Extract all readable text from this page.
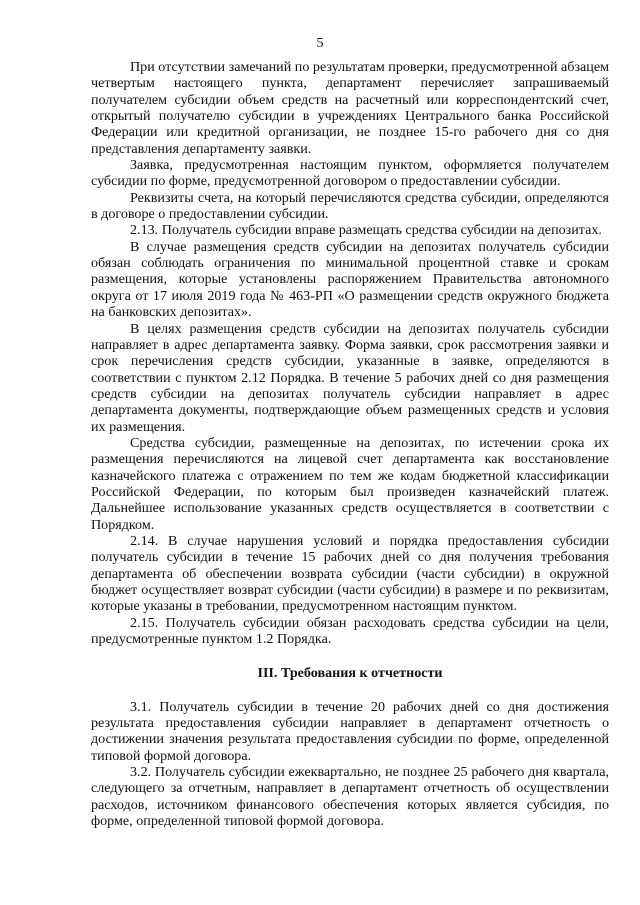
5

При отсутствии замечаний по результатам проверки, предусмотренной абзацем четвертым настоящего пункта, департамент перечисляет запрашиваемый получателем субсидии объем средств на расчетный или корреспондентский счет, открытый получателю субсидии в учреждениях Центрального банка Российской Федерации или кредитной организации, не позднее 15-го рабочего дня со дня представления департаменту заявки.

Заявка, предусмотренная настоящим пунктом, оформляется получателем субсидии по форме, предусмотренной договором о предоставлении субсидии.

Реквизиты счета, на который перечисляются средства субсидии, определяются в договоре о предоставлении субсидии.

2.13. Получатель субсидии вправе размещать средства субсидии на депозитах.

В случае размещения средств субсидии на депозитах получатель субсидии обязан соблюдать ограничения по минимальной процентной ставке и срокам размещения, которые установлены распоряжением Правительства автономного округа от 17 июля 2019 года № 463-РП «О размещении средств окружного бюджета на банковских депозитах».

В целях размещения средств субсидии на депозитах получатель субсидии направляет в адрес департамента заявку. Форма заявки, срок рассмотрения заявки и срок перечисления средств субсидии, указанные в заявке, определяются в соответствии с пунктом 2.12 Порядка. В течение 5 рабочих дней со дня размещения средств субсидии на депозитах получатель субсидии направляет в адрес департамента документы, подтверждающие объем размещенных средств и условия их размещения.

Средства субсидии, размещенные на депозитах, по истечении срока их размещения перечисляются на лицевой счет департамента как восстановление казначейского платежа с отражением по тем же кодам бюджетной классификации Российской Федерации, по которым был произведен казначейский платеж. Дальнейшее использование указанных средств осуществляется в соответствии с Порядком.

2.14. В случае нарушения условий и порядка предоставления субсидии получатель субсидии в течение 15 рабочих дней со дня получения требования департамента об обеспечении возврата субсидии (части субсидии) в окружной бюджет осуществляет возврат субсидии (части субсидии) в размере и по реквизитам, которые указаны в требовании, предусмотренном настоящим пунктом.

2.15. Получатель субсидии обязан расходовать средства субсидии на цели, предусмотренные пунктом 1.2 Порядка.

III. Требования к отчетности

3.1. Получатель субсидии в течение 20 рабочих дней со дня достижения результата предоставления субсидии направляет в департамент отчетность о достижении значения результата предоставления субсидии по форме, определенной типовой формой договора.

3.2. Получатель субсидии ежеквартально, не позднее 25 рабочего дня квартала, следующего за отчетным, направляет в департамент отчетность об осуществлении расходов, источником финансового обеспечения которых является субсидия, по форме, определенной типовой формой договора.
